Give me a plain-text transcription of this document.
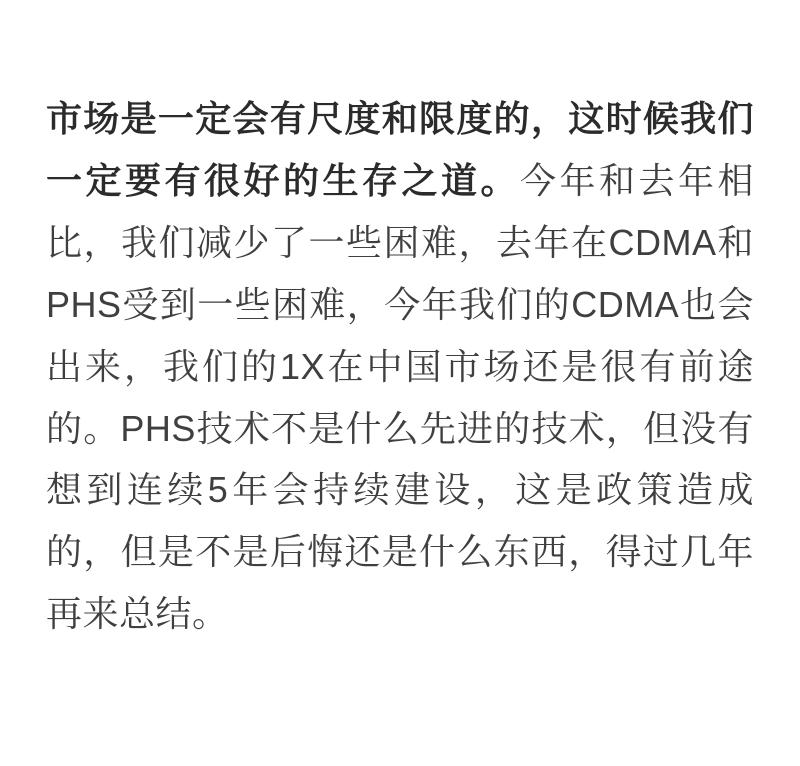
市场是一定会有尺度和限度的，这时候我们一定要有很好的生存之道。今年和去年相比，我们减少了一些困难，去年在CDMA和PHS受到一些困难，今年我们的CDMA也会出来，我们的1X在中国市场还是很有前途的。PHS技术不是什么先进的技术，但没有想到连续5年会持续建设，这是政策造成的，但是不是后悔还是什么东西，得过几年再来总结。
